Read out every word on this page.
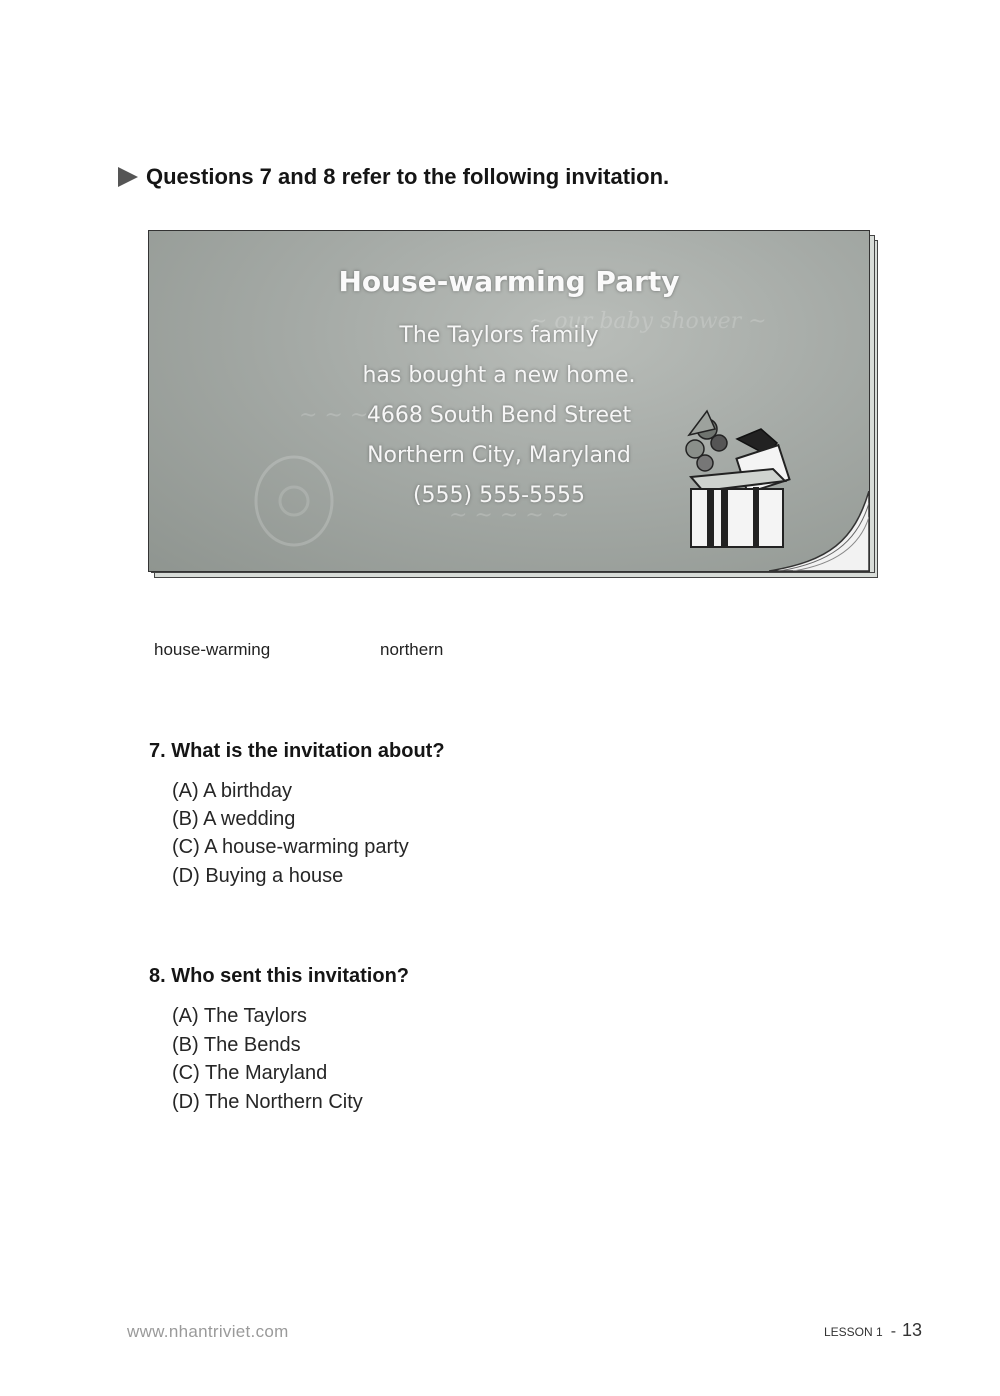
Questions 7 and 8 refer to the following invitation.
~ our baby shower ~
~ ~ ~
~ ~ ~ ~ ~
House-warming Party
The Taylors family
has bought a new home.
4668 South Bend Street
Northern City, Maryland
(555) 555-5555
house-warming	northern
7. What is the invitation about?
(A) A birthday
(B) A wedding
(C) A house-warming party
(D) Buying a house
8. Who sent this invitation?
(A) The Taylors
(B) The Bends
(C) The Maryland
(D) The Northern City
www.nhantriviet.com	LESSON 1 - 13
